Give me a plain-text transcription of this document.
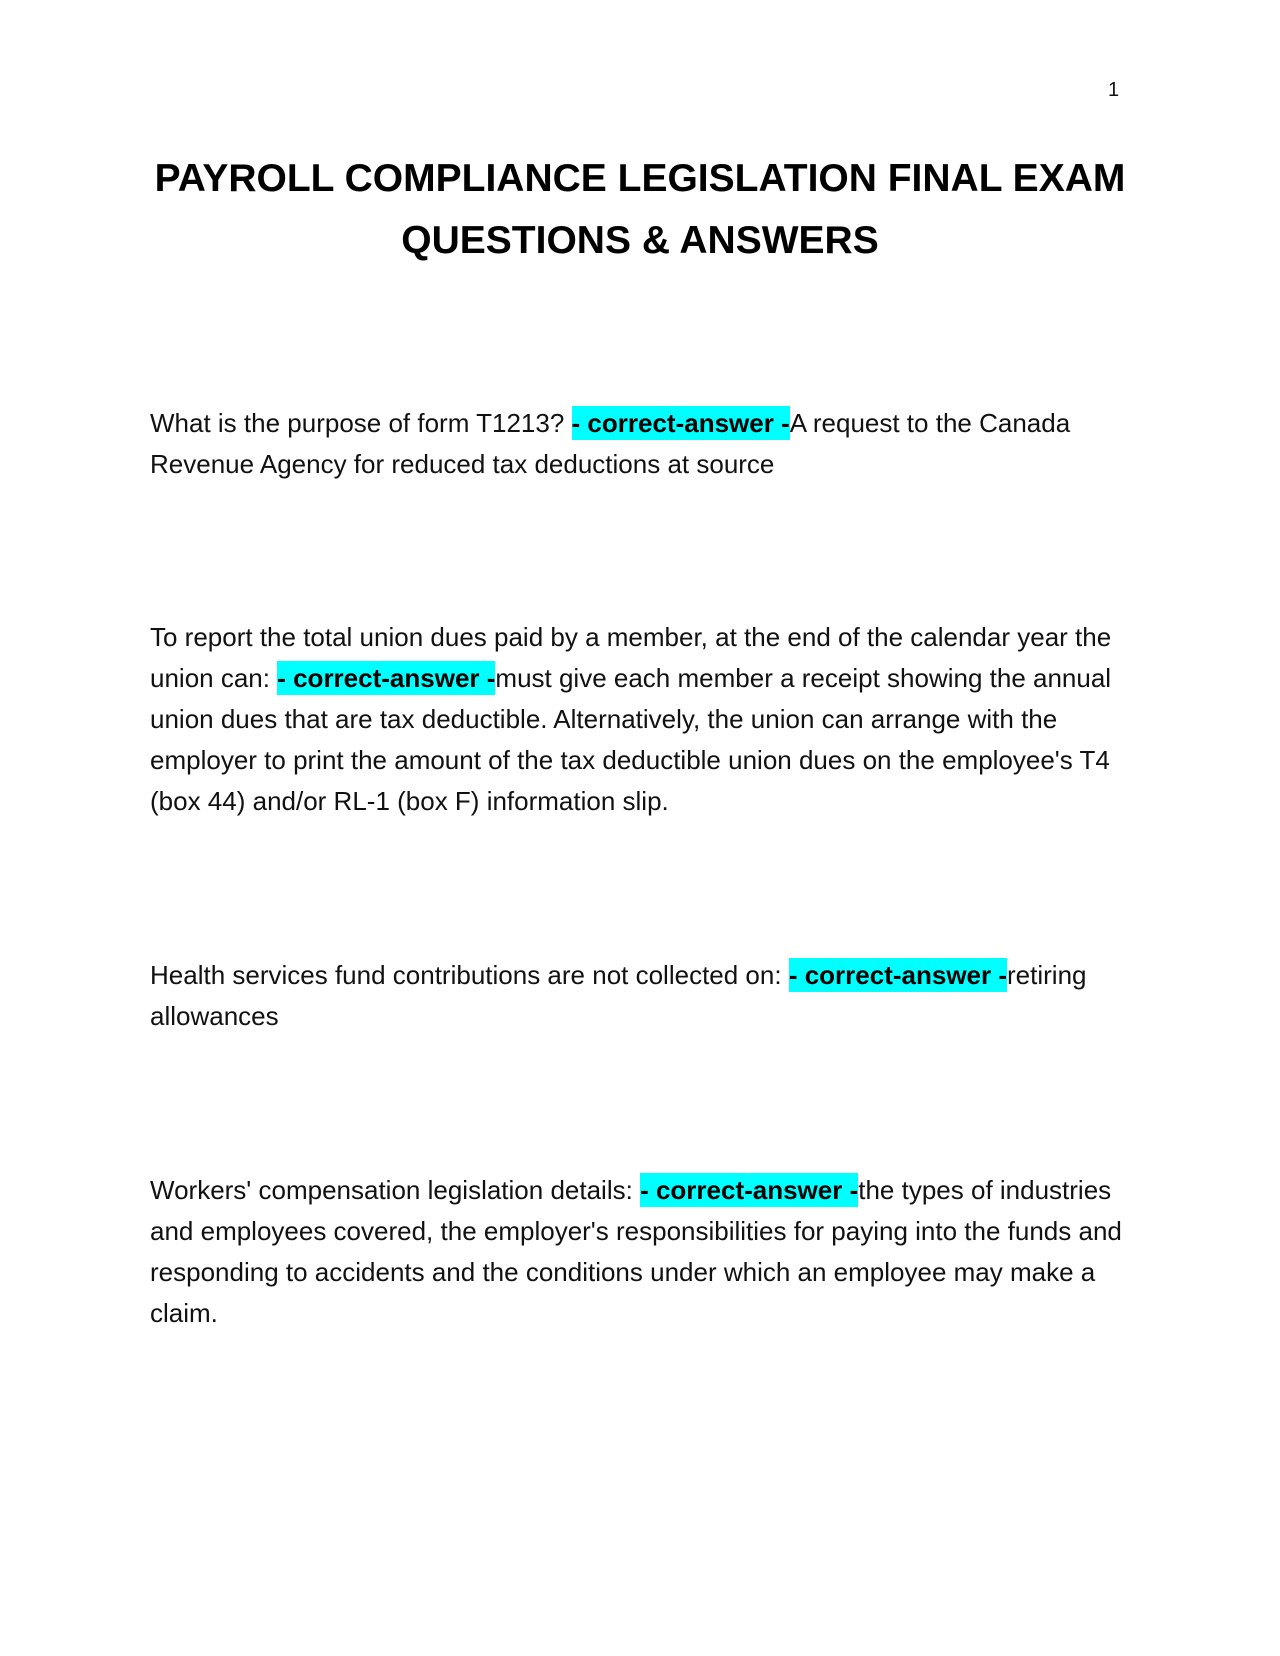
1
PAYROLL COMPLIANCE LEGISLATION FINAL EXAM QUESTIONS & ANSWERS

What is the purpose of form T1213? - correct-answer -A request to the Canada Revenue Agency for reduced tax deductions at source

To report the total union dues paid by a member, at the end of the calendar year the union can: - correct-answer -must give each member a receipt showing the annual union dues that are tax deductible. Alternatively, the union can arrange with the employer to print the amount of the tax deductible union dues on the employee's T4 (box 44) and/or RL-1 (box F) information slip.

Health services fund contributions are not collected on: - correct-answer -retiring allowances

Workers' compensation legislation details: - correct-answer -the types of industries and employees covered, the employer's responsibilities for paying into the funds and responding to accidents and the conditions under which an employee may make a claim.
